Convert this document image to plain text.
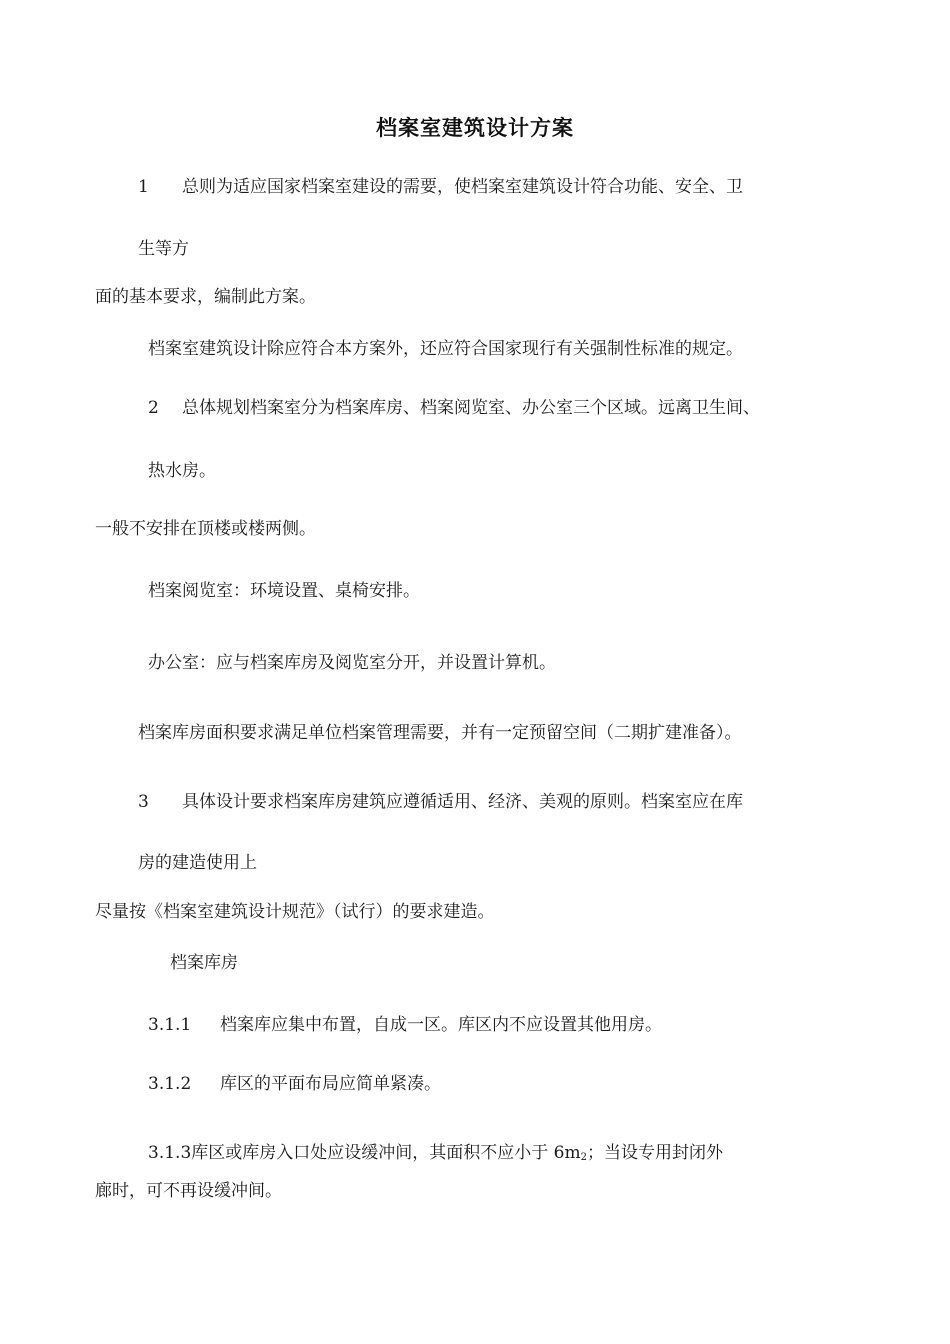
档案室建筑设计方案
1 总则为适应国家档案室建设的需要，使档案室建筑设计符合功能、安全、卫
生等方
面的基本要求，编制此方案。
档案室建筑设计除应符合本方案外，还应符合国家现行有关强制性标准的规定。
2 总体规划档案室分为档案库房、档案阅览室、办公室三个区域。远离卫生间、
热水房。
一般不安排在顶楼或楼两侧。
档案阅览室：环境设置、桌椅安排。
办公室：应与档案库房及阅览室分开，并设置计算机。
档案库房面积要求满足单位档案管理需要，并有一定预留空间（二期扩建准备）。
3 具体设计要求档案库房建筑应遵循适用、经济、美观的原则。档案室应在库
房的建造使用上
尽量按《档案室建筑设计规范》（试行）的要求建造。
档案库房
3.1.1 档案库应集中布置，自成一区。库区内不应设置其他用房。
3.1.2 库区的平面布局应简单紧凑。
3.1.3库区或库房入口处应设缓冲间，其面积不应小于 $6m_2$；当设专用封闭外
廊时，可不再设缓冲间。
